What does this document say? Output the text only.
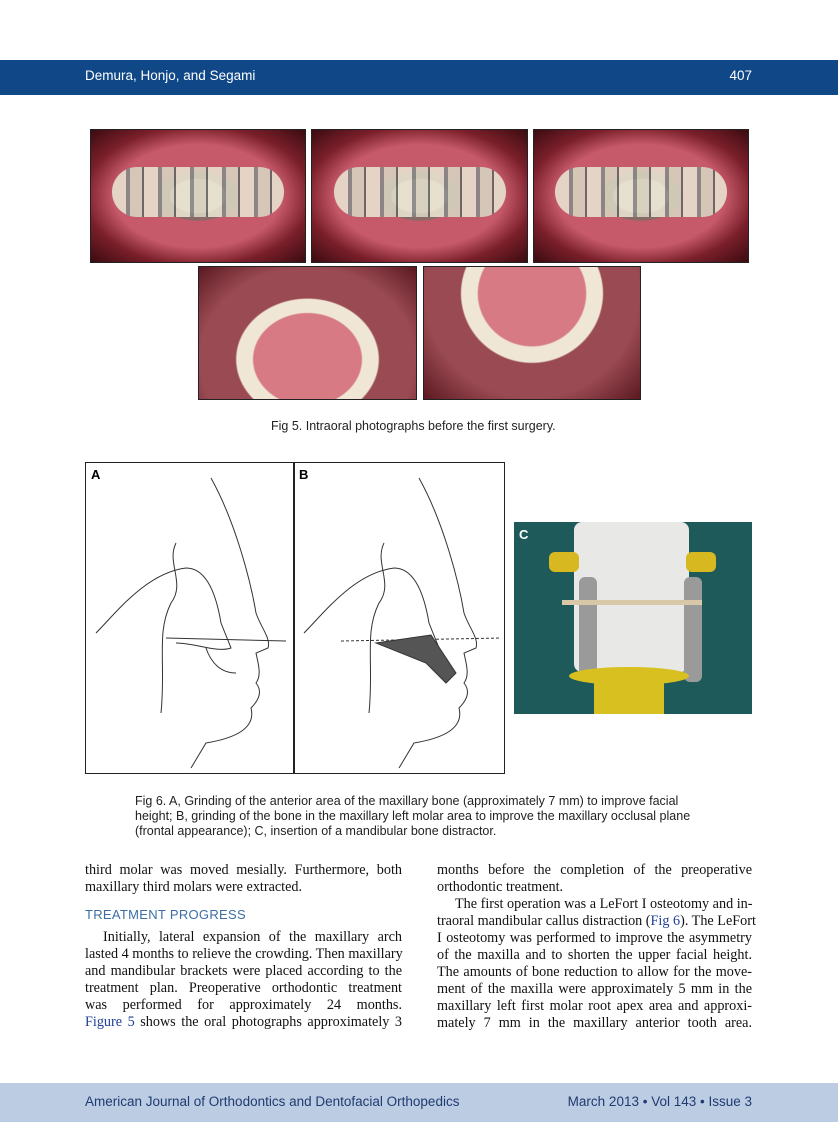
Demura, Honjo, and Segami	407
Fig 5. Intraoral photographs before the first surgery.
A	B
C
Fig 6. A, Grinding of the anterior area of the maxillary bone (approximately 7 mm) to improve facial
height; B, grinding of the bone in the maxillary left molar area to improve the maxillary occlusal plane
(frontal appearance); C, insertion of a mandibular bone distractor.
third molar was moved mesially. Furthermore, both
maxillary third molars were extracted.
TREATMENT PROGRESS
Initially, lateral expansion of the maxillary arch
lasted 4 months to relieve the crowding. Then maxillary
and mandibular brackets were placed according to the
treatment plan. Preoperative orthodontic treatment
was performed for approximately 24 months.
Figure 5 shows the oral photographs approximately 3
months before the completion of the preoperative
orthodontic treatment.
The first operation was a LeFort I osteotomy and in-
traoral mandibular callus distraction (Fig 6). The LeFort
I osteotomy was performed to improve the asymmetry
of the maxilla and to shorten the upper facial height.
The amounts of bone reduction to allow for the move-
ment of the maxilla were approximately 5 mm in the
maxillary left first molar root apex area and approxi-
mately 7 mm in the maxillary anterior tooth area.
American Journal of Orthodontics and Dentofacial Orthopedics	March 2013 • Vol 143 • Issue 3
